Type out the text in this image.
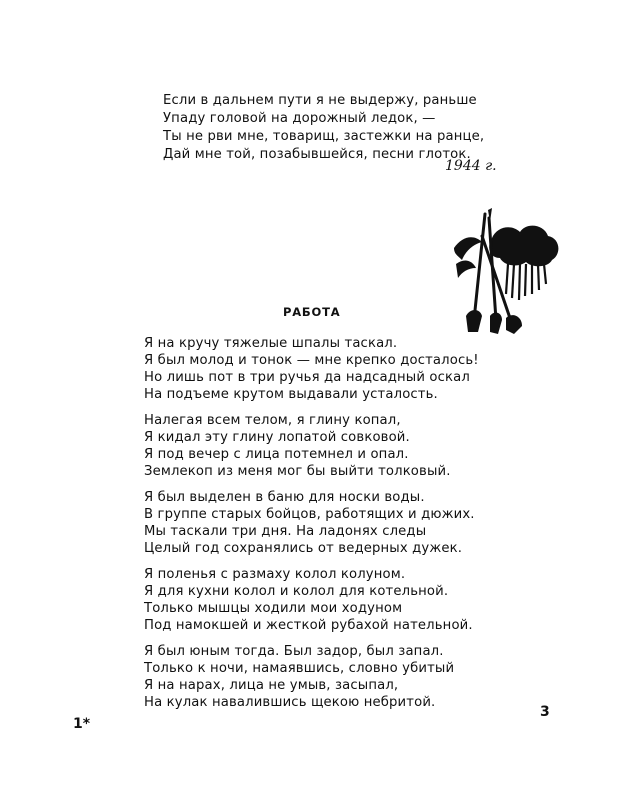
Если в дальнем пути я не выдержу, раньше
Упаду головой на дорожный ледок, —
Ты не рви мне, товарищ, застежки на ранце,
Дай мне той, позабывшейся, песни глоток.
1944 г.
РАБОТА
Я на кручу тяжелые шпалы таскал.
Я был молод и тонок — мне крепко досталось!
Но лишь пот в три ручья да надсадный оскал
На подъеме крутом выдавали усталость.
Налегая всем телом, я глину копал,
Я кидал эту глину лопатой совковой.
Я под вечер с лица потемнел и опал.
Землекоп из меня мог бы выйти толковый.
Я был выделен в баню для носки воды.
В группе старых бойцов, работящих и дюжих.
Мы таскали три дня. На ладонях следы
Целый год сохранялись от ведерных дужек.
Я поленья с размаху колол колуном.
Я для кухни колол и колол для котельной.
Только мышцы ходили мои ходуном
Под намокшей и жесткой рубахой нательной.
Я был юным тогда. Был задор, был запал.
Только к ночи, намаявшись, словно убитый
Я на нарах, лица не умыв, засыпал,
На кулак навалившись щекою небритой.
1*
3
